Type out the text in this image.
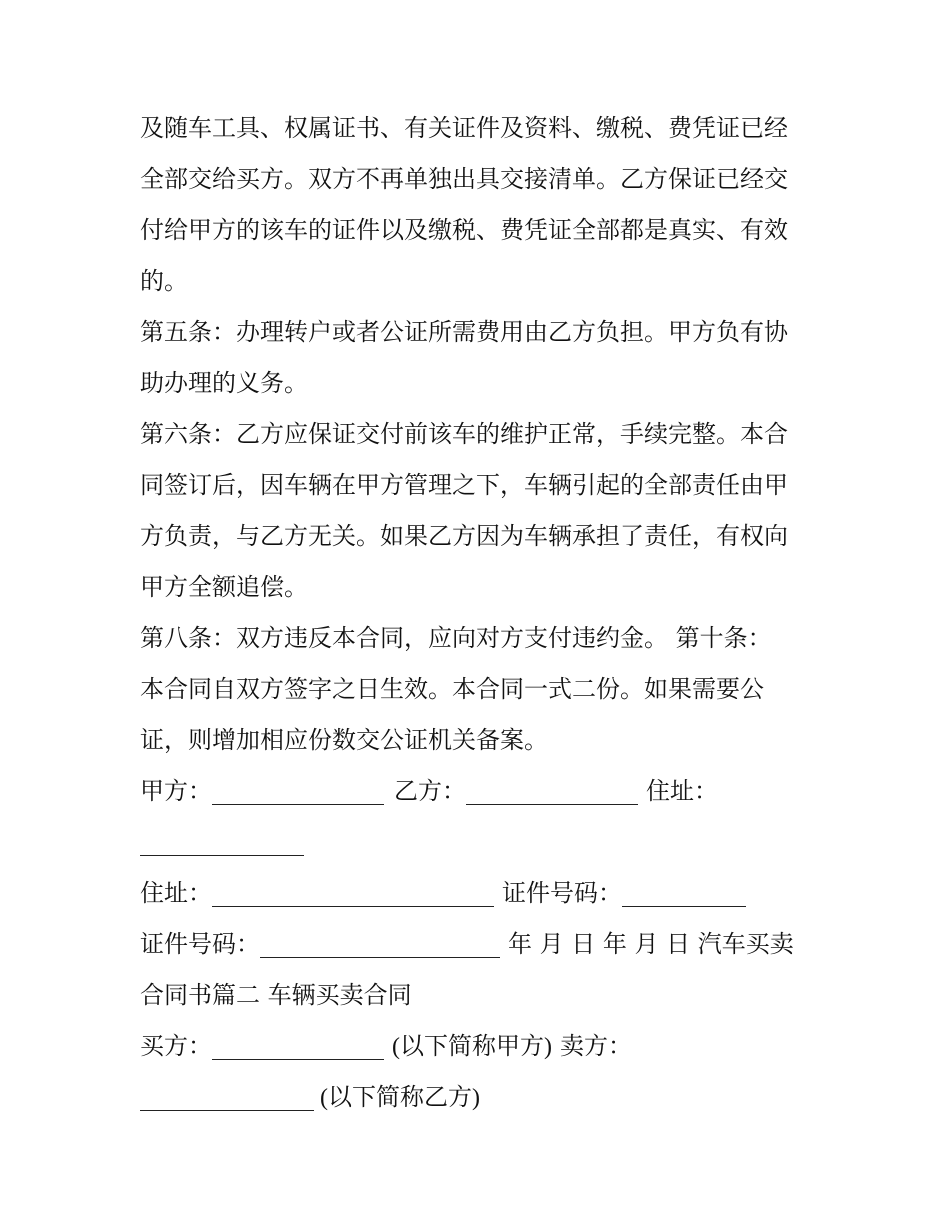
及随车工具、权属证书、有关证件及资料、缴税、费凭证已经
全部交给买方。双方不再单独出具交接清单。乙方保证已经交
付给甲方的该车的证件以及缴税、费凭证全部都是真实、有效
的。
第五条：办理转户或者公证所需费用由乙方负担。甲方负有协
助办理的义务。
第六条：乙方应保证交付前该车的维护正常，手续完整。本合
同签订后，因车辆在甲方管理之下，车辆引起的全部责任由甲
方负责，与乙方无关。如果乙方因为车辆承担了责任，有权向
甲方全额追偿。
第八条：双方违反本合同，应向对方支付违约金。 第十条：
本合同自双方签字之日生效。本合同一式二份。如果需要公
证，则增加相应份数交公证机关备案。
甲方：	乙方：	住址：
住址：	证件号码：
证件号码：	年 月 日 年 月 日 汽车买卖
合同书篇二 车辆买卖合同
买方：	(以下简称甲方) 卖方：
(以下简称乙方)
